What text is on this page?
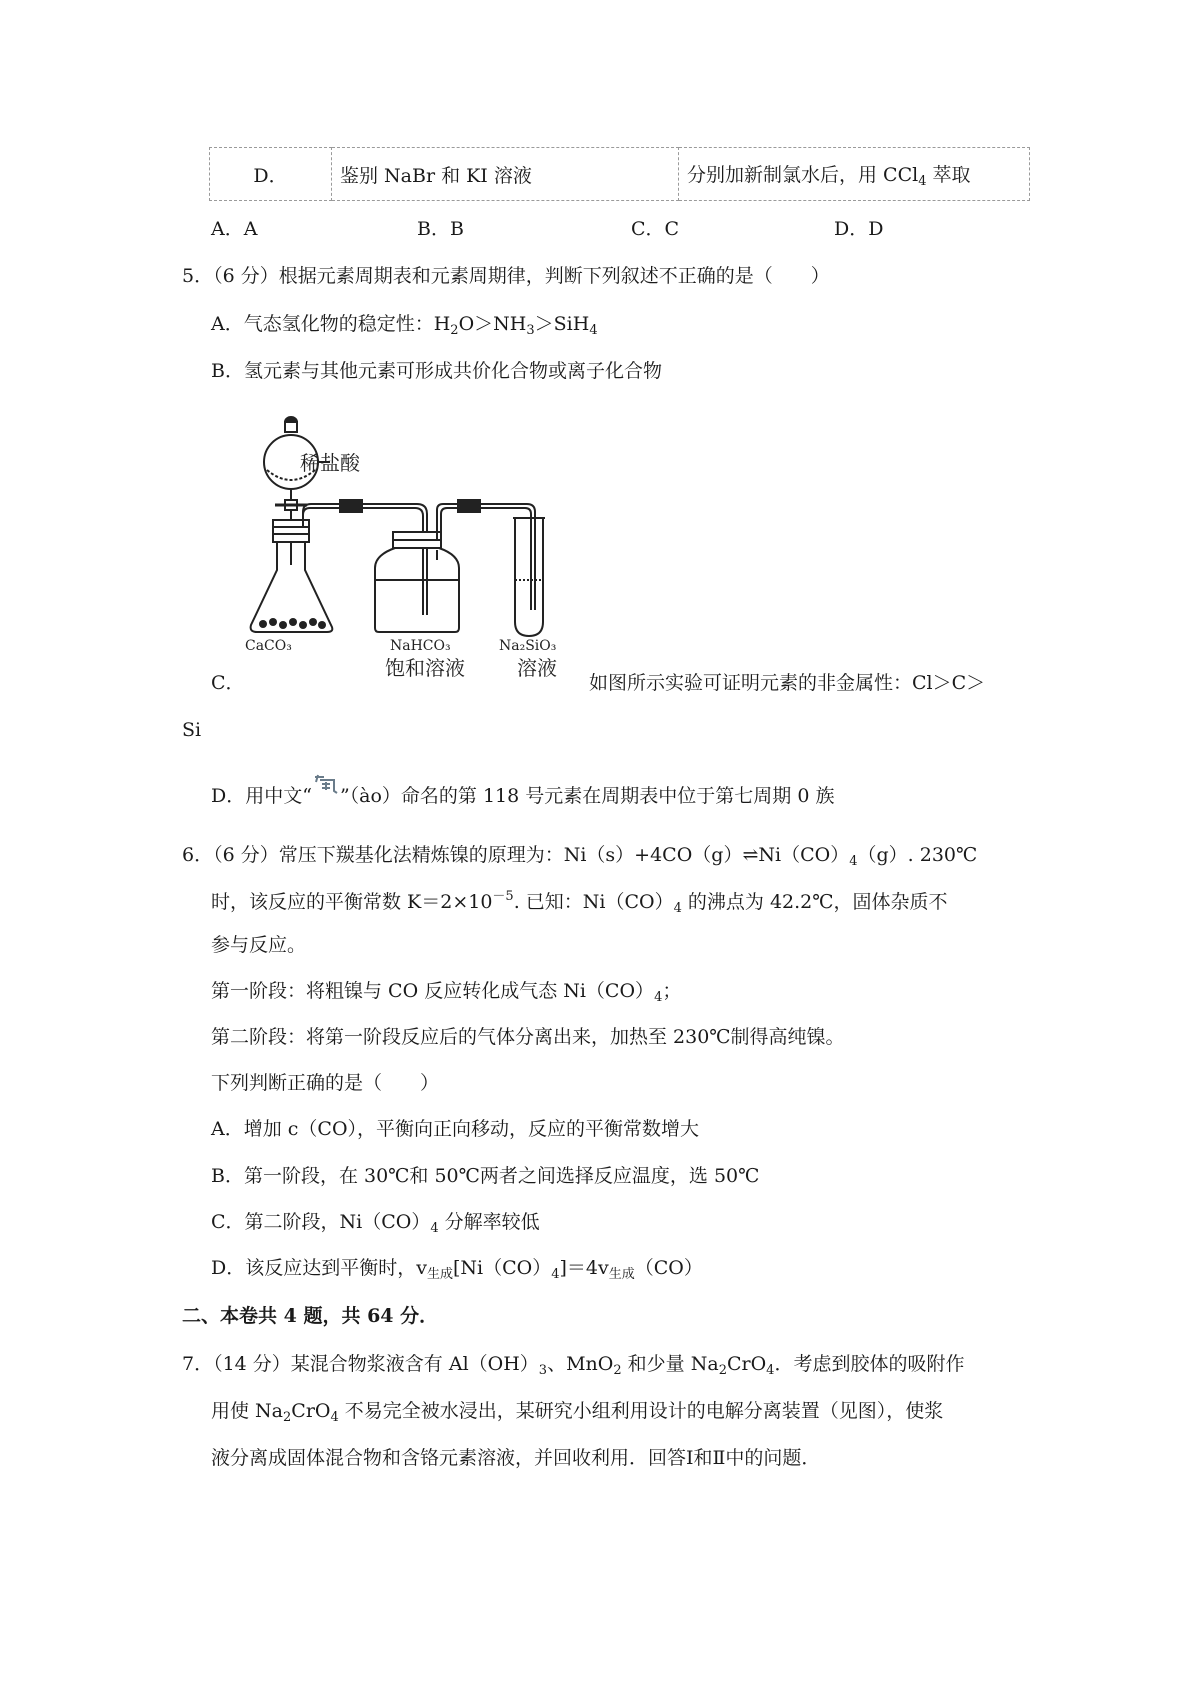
D．	鉴别 NaBr 和 KI 溶液	分别加新制氯水后，用 CCl$_4$ 萃取
A．A	B．B	C．C	D．D
5．（6 分）根据元素周期表和元素周期律，判断下列叙述不正确的是（　　）
A．气态氢化物的稳定性：$H_2O>NH_3>SiH_4$
B．氢元素与其他元素可形成共价化合物或离子化合物
稀盐酸
CaCO₃	NaHCO₃
饱和溶液
Na₂SiO₃
溶液
C．	如图所示实验可证明元素的非金属性：Cl＞C＞
Si
D．用中文“ ”（ào）命名的第 118 号元素在周期表中位于第七周期 0 族
6．（6 分）常压下羰基化法精炼镍的原理为：$Ni(s)+4CO(g)\rightleftharpoons Ni(CO)_4(g)$. 230℃
时，该反应的平衡常数 $K=2\times 10^{-5}$. 已知：$Ni(CO)_4$ 的沸点为 42.2℃，固体杂质不
参与反应。
第一阶段：将粗镍与 CO 反应转化成气态 $Ni(CO)_4$；
第二阶段：将第一阶段反应后的气体分离出来，加热至 230℃制得高纯镍。
下列判断正确的是（　　）
A．增加 c（CO），平衡向正向移动，反应的平衡常数增大
B．第一阶段，在 30℃和 50℃两者之间选择反应温度，选 50℃
C．第二阶段，$Ni(CO)_4$ 分解率较低
D．该反应达到平衡时，$v_{生成}[Ni(CO)_4]=4v_{生成}(CO)$
二、本卷共 4 题，共 64 分．
7．（14 分）某混合物浆液含有 $Al(OH)_3$、MnO$_2$ 和少量 $Na_2CrO_4$．考虑到胶体的吸附作
用使 $Na_2CrO_4$ 不易完全被水浸出，某研究小组利用设计的电解分离装置（见图），使浆
液分离成固体混合物和含铬元素溶液，并回收利用．回答Ⅰ和Ⅱ中的问题．
